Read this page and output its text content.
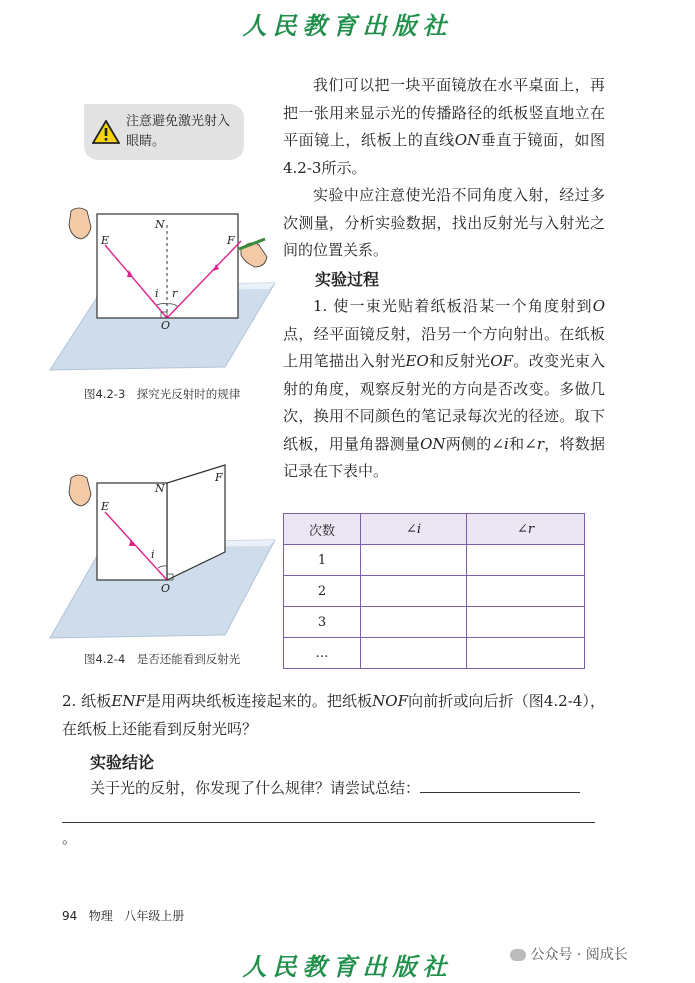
人民教育出版社

我们可以把一块平面镜放在水平桌面上，再把一张用来显示光的传播路径的纸板竖直地立在平面镜上，纸板上的直线ON垂直于镜面，如图4.2-3所示。

实验中应注意使光沿不同角度入射，经过多次测量，分析实验数据，找出反射光与入射光之间的位置关系。

注意避免激光射入眼睛。
N
E	F
O
i r
图4.2-3　探究光反射时的规律
N
E
F
O
i
图4.2-4　是否还能看到反射光
实验过程

1. 使一束光贴着纸板沿某一个角度射到O点，经平面镜反射，沿另一个方向射出。在纸板上用笔描出入射光EO和反射光OF。改变光束入射的角度，观察反射光的方向是否改变。多做几次，换用不同颜色的笔记录每次光的径迹。取下纸板，用量角器测量ON两侧的∠i和∠r，将数据记录在下表中。

次数	∠i	∠r
1		
2		
3		
…		
2. 纸板ENF是用两块纸板连接起来的。把纸板NOF向前折或向后折（图4.2-4），在纸板上还能看到反射光吗？
实验结论
关于光的反射，你发现了什么规律？请尝试总结：
。
94 物理 八年级上册
人民教育出版社	公众号 · 阅成长
